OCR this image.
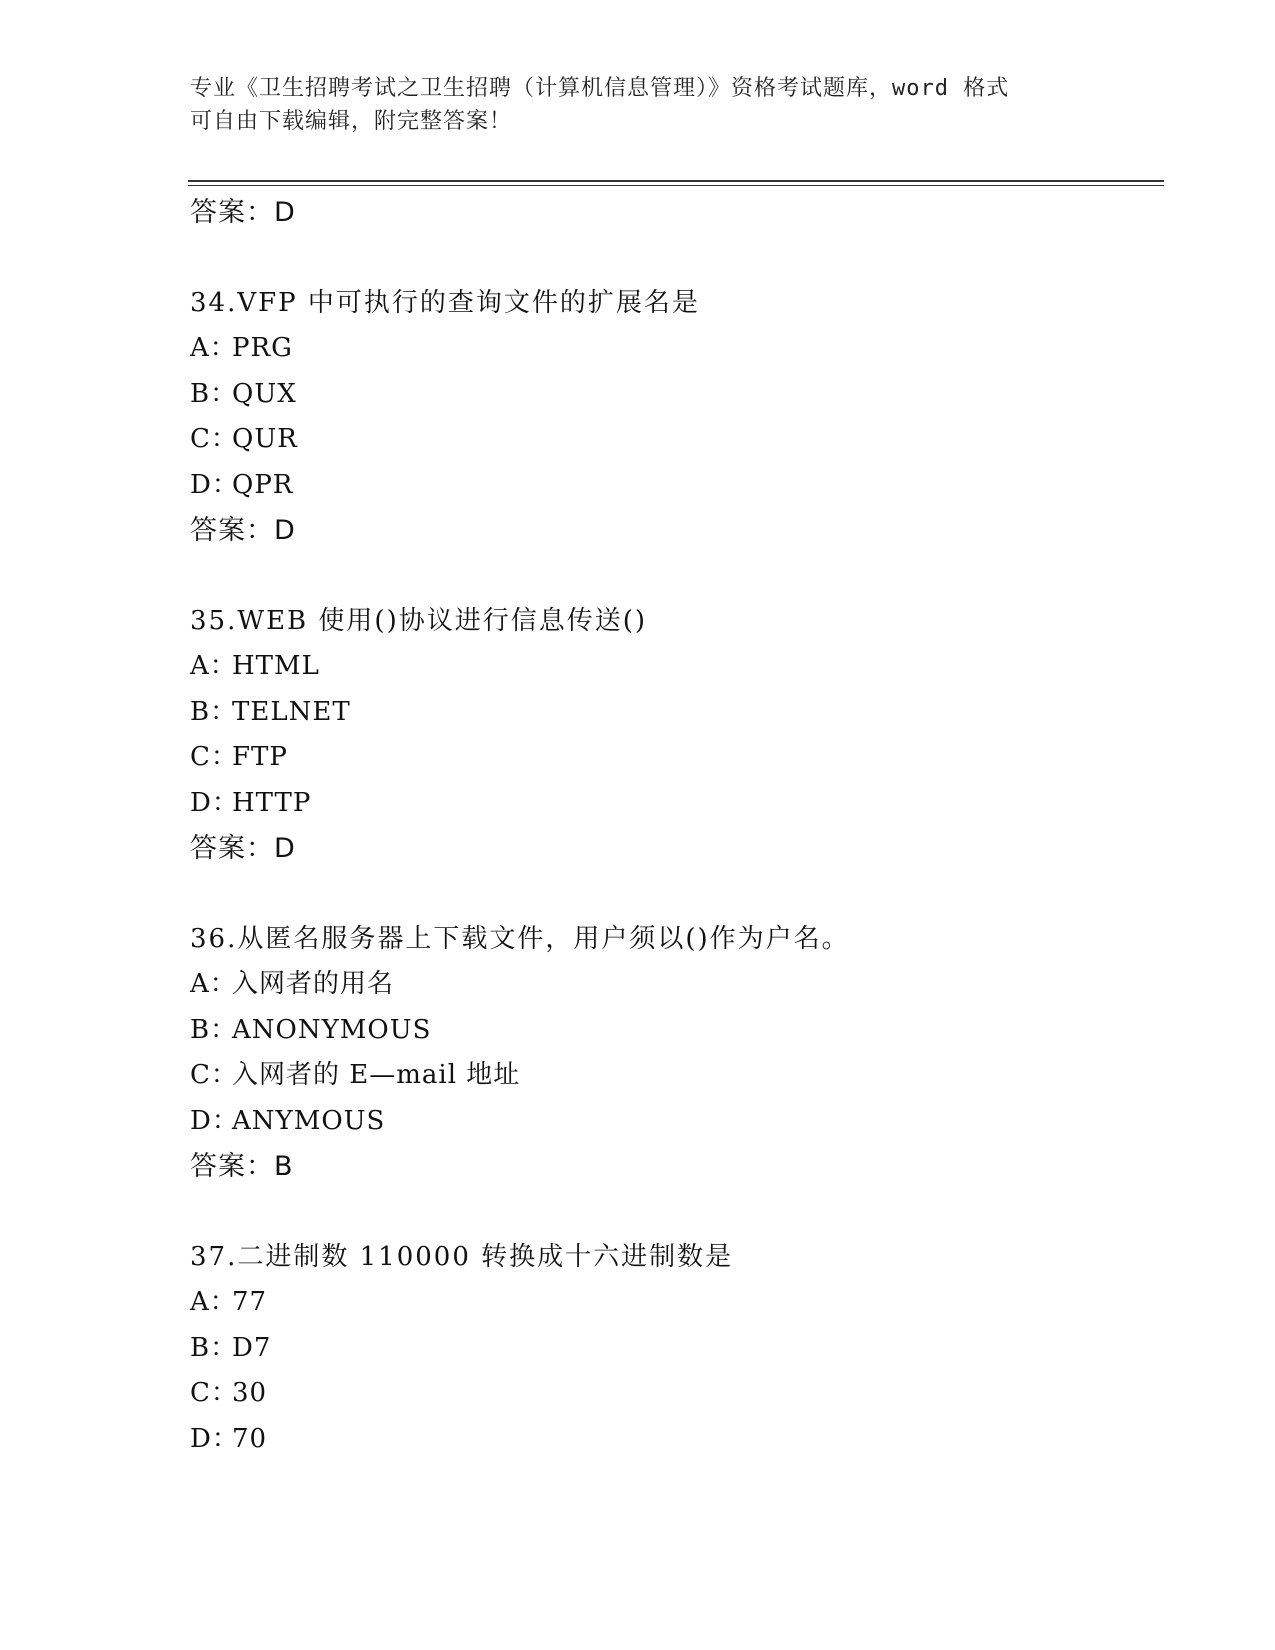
专业《卫生招聘考试之卫生招聘（计算机信息管理）》资格考试题库，word 格式
可自由下载编辑，附完整答案！
答案：D
34.VFP 中可执行的查询文件的扩展名是
A：PRG
B：QUX
C：QUR
D：QPR
答案：D
35.WEB 使用()协议进行信息传送()
A：HTML
B：TELNET
C：FTP
D：HTTP
答案：D
36.从匿名服务器上下载文件，用户须以()作为户名。
A：入网者的用名
B：ANONYMOUS
C：入网者的 E—mail 地址
D：ANYMOUS
答案：B
37.二进制数 110000 转换成十六进制数是
A：77
B：D7
C：30
D：70
